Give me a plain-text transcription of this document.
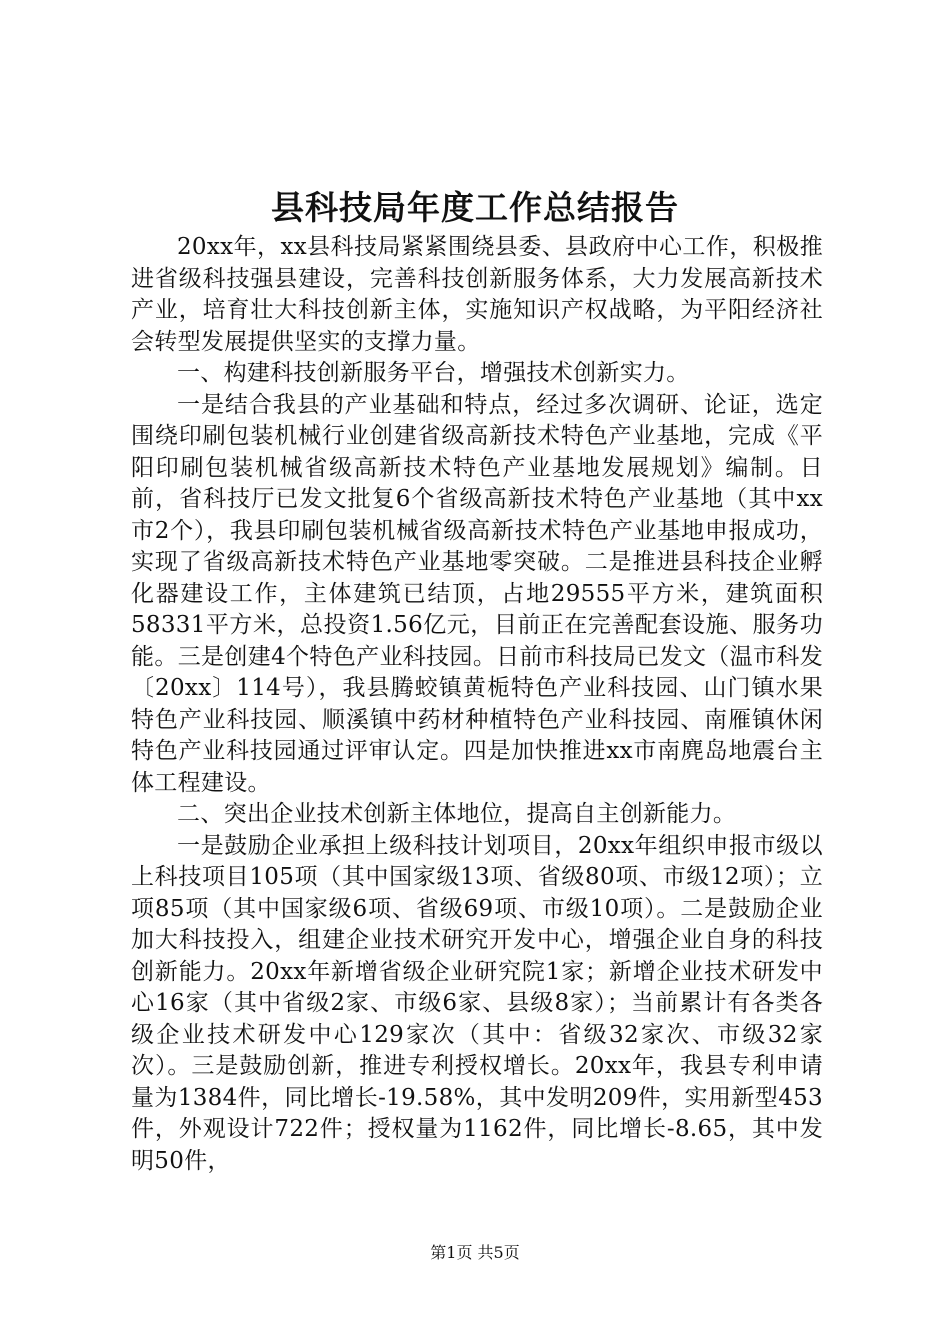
县科技局年度工作总结报告

20xx年，xx县科技局紧紧围绕县委、县政府中心工作，积极推进省级科技强县建设，完善科技创新服务体系，大力发展高新技术产业，培育壮大科技创新主体，实施知识产权战略，为平阳经济社会转型发展提供坚实的支撑力量。

一、构建科技创新服务平台，增强技术创新实力。

一是结合我县的产业基础和特点，经过多次调研、论证，选定围绕印刷包装机械行业创建省级高新技术特色产业基地，完成《平阳印刷包装机械省级高新技术特色产业基地发展规划》编制。日前，省科技厅已发文批复6个省级高新技术特色产业基地（其中xx市2个），我县印刷包装机械省级高新技术特色产业基地申报成功，实现了省级高新技术特色产业基地零突破。二是推进县科技企业孵化器建设工作，主体建筑已结顶，占地29555平方米，建筑面积58331平方米，总投资1.56亿元，目前正在完善配套设施、服务功能。三是创建4个特色产业科技园。日前市科技局已发文（温市科发〔20xx〕114号），我县腾蛟镇黄栀特色产业科技园、山门镇水果特色产业科技园、顺溪镇中药材种植特色产业科技园、南雁镇休闲特色产业科技园通过评审认定。四是加快推进xx市南麂岛地震台主体工程建设。

二、突出企业技术创新主体地位，提高自主创新能力。

一是鼓励企业承担上级科技计划项目，20xx年组织申报市级以上科技项目105项（其中国家级13项、省级80项、市级12项）；立项85项（其中国家级6项、省级69项、市级10项）。二是鼓励企业加大科技投入，组建企业技术研究开发中心，增强企业自身的科技创新能力。20xx年新增省级企业研究院1家；新增企业技术研发中心16家（其中省级2家、市级6家、县级8家）；当前累计有各类各级企业技术研发中心129家次（其中：省级32家次、市级32家次）。三是鼓励创新，推进专利授权增长。20xx年，我县专利申请量为1384件，同比增长-19.58%，其中发明209件，实用新型453件，外观设计722件；授权量为1162件，同比增长-8.65，其中发明50件，

第1页 共5页
